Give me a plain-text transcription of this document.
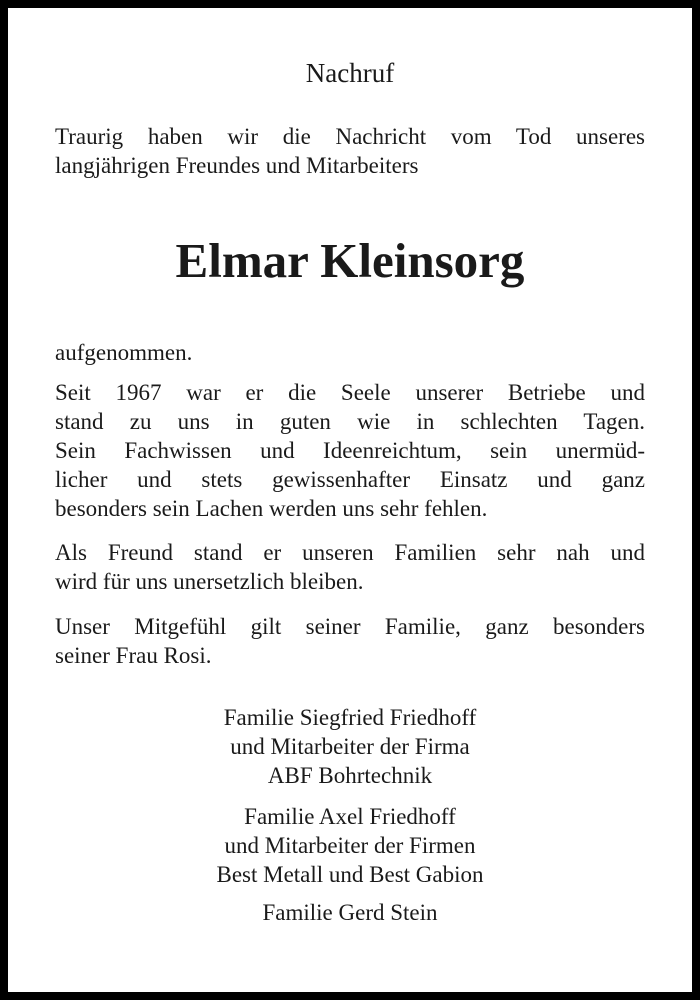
Nachruf
Traurig haben wir die Nachricht vom Tod unseres
langjährigen Freundes und Mitarbeiters
Elmar Kleinsorg
aufgenommen.
Seit 1967 war er die Seele unserer Betriebe und
stand zu uns in guten wie in schlechten Tagen.
Sein Fachwissen und Ideenreichtum, sein unermüd-
licher und stets gewissenhafter Einsatz und ganz
besonders sein Lachen werden uns sehr fehlen.
Als Freund stand er unseren Familien sehr nah und
wird für uns unersetzlich bleiben.
Unser Mitgefühl gilt seiner Familie, ganz besonders
seiner Frau Rosi.
Familie Siegfried Friedhoff
und Mitarbeiter der Firma
ABF Bohrtechnik
Familie Axel Friedhoff
und Mitarbeiter der Firmen
Best Metall und Best Gabion
Familie Gerd Stein
